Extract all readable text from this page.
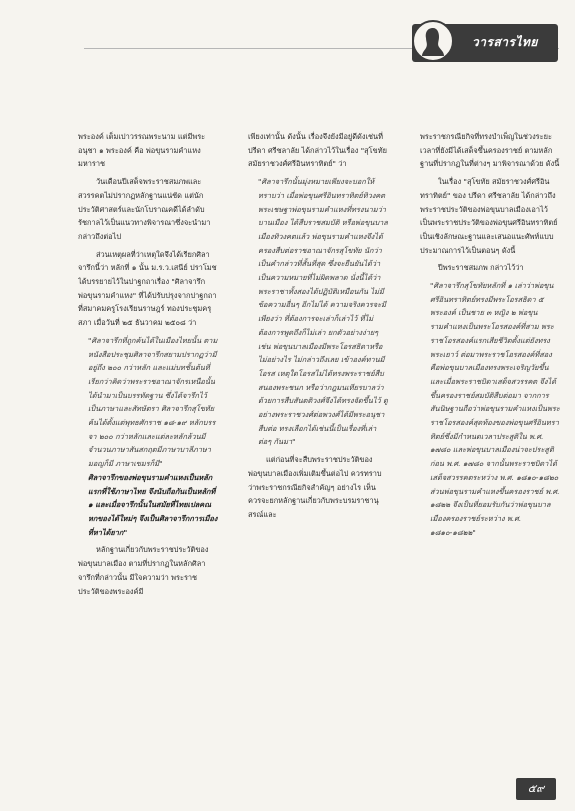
วารสารไทย

พระองค์ เต็มเปาวรรณพระนาม แต่มีพระอนุชา ๑ พระองค์ คือ พ่อขุนรามคำแหงมหาราช

วันเดือนปีเสด็จพระราชสมภพและสวรรคตไม่ปรากฏหลักฐานแน่ชัด แต่นักประวัติศาสตร์และนักโบราณคดีได้ลำดับรัชกาลไว้เป็นแนวทางพิจารณาซึ่งจะนำมากล่าวถึงต่อไป

ส่วนเหตุผลที่ว่าเหตุใดจึงได้เรียกศิลาจารึกนี้ว่า หลักที่ ๑ นั้น ม.ร.ว.เสนีย์ ปราโมช ได้บรรยายไว้ในปาฐกถาเรื่อง "ศิลาจารึกพ่อขุนรามคำแหง" ที่ได้ปรับปรุงจากปาฐกถาที่สมาคมครูโรงเรียนราษฎร์ ทองประชุมครุสภา เมื่อวันที่ ๒๕ ธันวาคม ๒๕๐๘ ว่า

"ศิลาจารึกที่ถูกค้นได้ในเมืองไทยนั้น ตามหนังสือประชุมศิลาจารึกสยามปรากฏว่ามีอยู่ถึง ๒๐๐ กว่าหลัก และแม่บทชั้นต้นที่เรียกว่าคิดว่าพระราชอาณาจักรเหนือนั้น ได้นำมาเป็นบรรทัดฐาน ซึ่งได้จารึกไว้เป็นภาษาและสัทษัตรา ศิลาจารึกสุโขทัยค้นได้ตั้งแต่พุทธศักราช ๑๘-๑๙ หลักบรรจา ๒๐๐ กว่าหลักและแต่ละหลักล้วนมีจำนวนภาษาสันสกฤตมีภาษาบาลีภาษามอญก็มี ภาษาเขมรก็มี"

ศิลาจารึกของพ่อขุนรามคำแหงเป็นหลักแรกที่ใช้ภาษาไทย จึงนับถือกันเป็นหลักที่ ๑ และเมื่อจารึกนั้นในสมัยที่ไทยเปลคณหกของได้ใหม่ๆ จึงเป็นศิลาจารึกการเมืองที่หาได้ยาก"

หลักฐานเกี่ยวกับพระราชประวัติของพ่อขุนบาลเมือง ตามที่ปรากฏในหลักศิลาจารึกที่กล่าวนั้น มีใจความว่า พระราชประวัติของพระองค์มี

เพียงเท่านั้น ดังนั้น เรื่องจึงยังมีอยู่ดีดังเช่นที่ ปรีดา ศรีชลาลัย ได้กล่าวไว้ในเรื่อง "สุโขทัย สมัยราชวงศ์ศรีอินทราทิตย์" ว่า

"ศิลาจารึกนั้นมุ่งหมายเพียงจะบอกให้ทราบว่า เมื่อพ่อขุนศรีอินทราทิตย์ทิวงคต พระเชษฐาพ่อขุนรามคำแหงที่ทรงนามว่า บานเมือง ได้สืบราชสมบัติ หรือพ่อขุนบาลเมืองทิวงคตแล้ว พ่อขุนรามคำแหงจึงได้ครองสืบต่อราชอาณาจักรสุโขทัย นักว่าเป็นคำกล่าวที่สั้นที่สุด ซึ่งจะยืนยันได้ว่าเป็นความหมายที่ไม่ผิดพลาด นั่งนี้ได้ว่าพระราชาทั้งสองได้ปฏิบัติเหมือนกัน ไม่มีข้อความอื่นๆ อีกไม่ได้ ความจริงควรจะมีเพียงว่า ที่ต้องการจะเล่าก็เล่าไว้ ที่ไม่ต้องการพูดถึงก็ไม่เล่า ยกตัวอย่างง่ายๆ เช่น พ่อขุนบาลเมืองมีพระโอรสธิดาหรือไม่อย่างไร ไม่กล่าวถึงเลย เข้าองค์ทานมีโอรส เหตุใดโอรสไม่ได้ทรงพระราชย์สืบสนองพระชนก หรือว่ากฎมนเทียรบาลว่าด้วยการสืบสันตติวงศ์จึงได้ทรงจัดขึ้นไว้ ดูอย่างพระราชวงศ์ต่อพวงศ์ได้มีพระอนุชาสืบต่อ ทรงเลือกได้เช่นนี้เป็นเรื่องที่เล่าต่อๆ กันมา"

แต่ก่อนที่จะสืบพระราชประวัติของพ่อขุนบาลเมืองเพิ่มเติมขึ้นต่อไป ควรทราบว่าพระราชกรณียกิจสำคัญๆ อย่างไร เห็นควรจะยกหลักฐานเกี่ยวกับพระบรมราชานุสรณ์และ

พระราชกรณียกิจที่ทรงบำเพ็ญในช่วงระยะเวลาที่ยังมีได้เสด็จขึ้นครองราชย์ ตามหลักฐานที่ปรากฏในที่ต่างๆ มาพิจารณาด้วย ดังนี้

ในเรื่อง "สุโขทัย สมัยราชวงศ์ศรีอินทราทิตย์" ของ ปรีดา ศรีชลาลัย ได้กล่าวถึงพระราชประวัติของพ่อขุนบาลเมืองเอาไว้เป็นพระราชประวัติของพ่อขุนศรีอินทราทิตย์ เป็นเชิงลักษณะฐานและเสนอแนะศัพท์แบบประมาณการไว้เป็นตอนๆ ดังนี้

ปีพระราชสมภพ กล่าวไว้ว่า

"ศิลาจารึกสุโขทัยหลักที่ ๑ เล่าว่าพ่อขุนศรีอินทราทิตย์ทรงมีพระโอรสธิดา ๕ พระองค์ เป็นชาย ๓ หญิง ๒ พ่อขุนรามคำแหงเป็นพระโอรสองค์ที่สาม พระราชโอรสองค์แรกเสียชีวิตตั้งแต่ยังทรงพระเยาว์ ต่อมาพระราชโอรสองค์ที่สองคือพ่อขุนบาลเมืองทรงพระเจริญวัยขึ้น และเมื่อพระราชบิดาเสด็จสวรรคต จึงได้ขึ้นครองราชย์สมบัติสืบต่อมา จากการสันนิษฐานถือว่าพ่อขุนรามคำแหงเป็นพระราชโอรสองค์สุดท้องของพ่อขุนศรีอินทราทิตย์ซึ่งมีกำหนดเวลาประสูติใน พ.ศ. ๑๗๘๐ และพ่อขุนบาลเมืองน่าจะประสูติก่อน พ.ศ. ๑๗๘๐ จากนั้นพระราชบิดาได้เสด็จสวรรคตระหว่าง พ.ศ. ๑๘๑๐-๑๘๒๐ ส่วนพ่อขุนรามคำแหงขึ้นครองราชย์ พ.ศ. ๑๘๒๒ จึงเป็นที่ยอมรับกันว่าพ่อขุนบาลเมืองครองราชย์ระหว่าง พ.ศ. ๑๘๑๐-๑๘๒๒"

๕๙
